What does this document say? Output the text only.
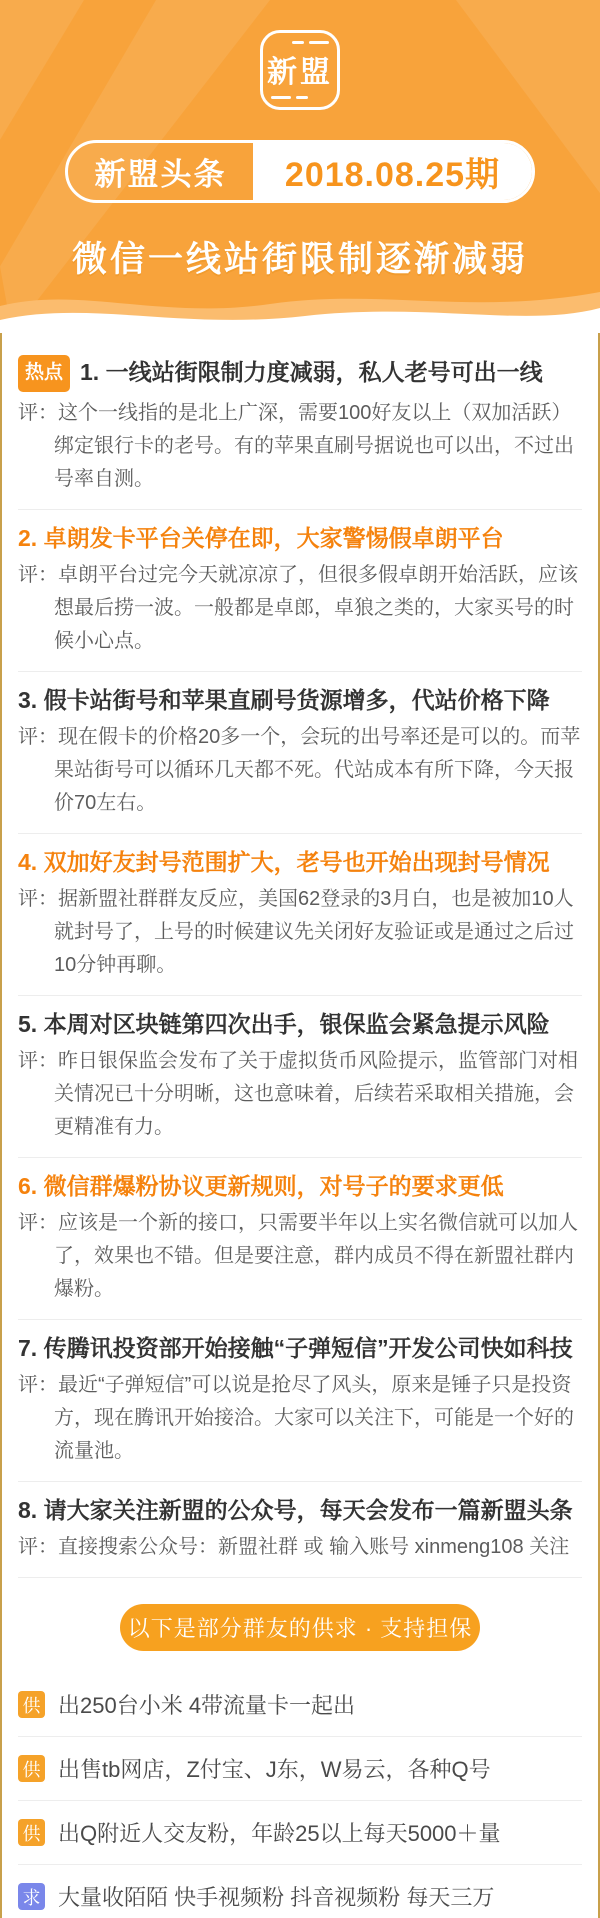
新盟
新盟头条	2018.08.25期
微信一线站街限制逐渐减弱
热点 1. 一线站街限制力度减弱，私人老号可出一线

评：这个一线指的是北上广深，需要100好友以上（双加活跃）绑定银行卡的老号。有的苹果直刷号据说也可以出，不过出号率自测。

2. 卓朗发卡平台关停在即，大家警惕假卓朗平台

评：卓朗平台过完今天就凉凉了，但很多假卓朗开始活跃，应该想最后捞一波。一般都是卓郎，卓狼之类的，大家买号的时候小心点。

3. 假卡站街号和苹果直刷号货源增多，代站价格下降

评：现在假卡的价格20多一个，会玩的出号率还是可以的。而苹果站街号可以循环几天都不死。代站成本有所下降，今天报价70左右。

4. 双加好友封号范围扩大，老号也开始出现封号情况

评：据新盟社群群友反应，美国62登录的3月白，也是被加10人就封号了，上号的时候建议先关闭好友验证或是通过之后过10分钟再聊。

5. 本周对区块链第四次出手，银保监会紧急提示风险

评：昨日银保监会发布了关于虚拟货币风险提示，监管部门对相关情况已十分明晰，这也意味着，后续若采取相关措施，会更精准有力。

6. 微信群爆粉协议更新规则，对号子的要求更低

评：应该是一个新的接口，只需要半年以上实名微信就可以加人了，效果也不错。但是要注意，群内成员不得在新盟社群内爆粉。

7. 传腾讯投资部开始接触“子弹短信”开发公司快如科技

评：最近“子弹短信”可以说是抢尽了风头，原来是锤子只是投资方，现在腾讯开始接洽。大家可以关注下，可能是一个好的流量池。

8. 请大家关注新盟的公众号，每天会发布一篇新盟头条

评：直接搜索公众号：新盟社群 或 输入账号 xinmeng108 关注

以下是部分群友的供求 · 支持担保
供 出250台小米 4带流量卡一起出
供 出售tb网店，Z付宝、J东，W易云，各种Q号
供 出Q附近人交友粉，年龄25以上每天5000＋量
求 大量收陌陌 快手视频粉 抖音视频粉 每天三万
